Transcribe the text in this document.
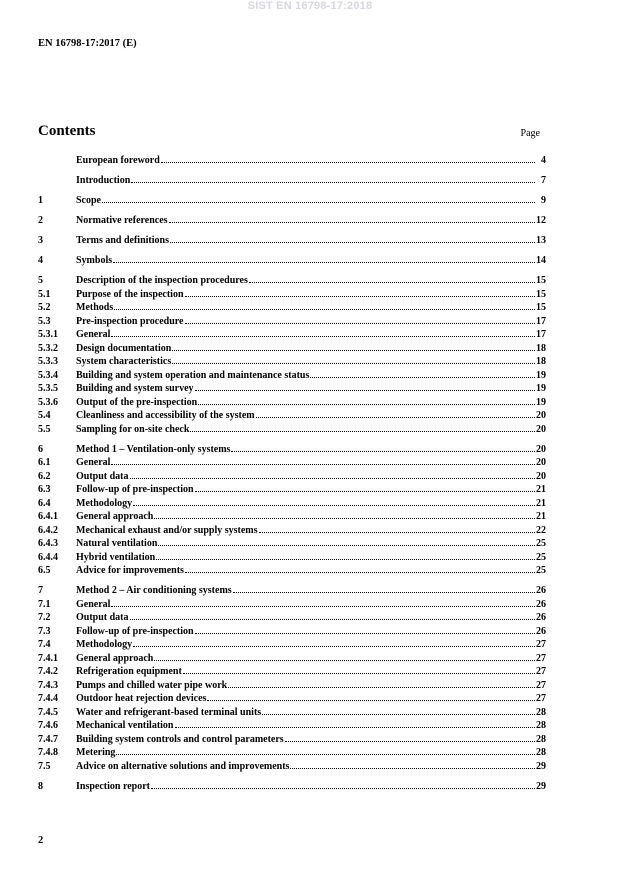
SIST EN 16798-17:2018
EN 16798-17:2017 (E)
Contents	Page
European foreword	4
Introduction	7
1	Scope	9
2	Normative references	12
3	Terms and definitions	13
4	Symbols	14
5	Description of the inspection procedures	15
5.1	Purpose of the inspection	15
5.2	Methods	15
5.3	Pre-inspection procedure	17
5.3.1	General	17
5.3.2	Design documentation	18
5.3.3	System characteristics	18
5.3.4	Building and system operation and maintenance status	19
5.3.5	Building and system survey	19
5.3.6	Output of the pre-inspection	19
5.4	Cleanliness and accessibility of the system	20
5.5	Sampling for on-site check	20
6	Method 1 – Ventilation-only systems	20
6.1	General	20
6.2	Output data	20
6.3	Follow-up of pre-inspection	21
6.4	Methodology	21
6.4.1	General approach	21
6.4.2	Mechanical exhaust and/or supply systems	22
6.4.3	Natural ventilation	25
6.4.4	Hybrid ventilation	25
6.5	Advice for improvements	25
7	Method 2 – Air conditioning systems	26
7.1	General	26
7.2	Output data	26
7.3	Follow-up of pre-inspection	26
7.4	Methodology	27
7.4.1	General approach	27
7.4.2	Refrigeration equipment	27
7.4.3	Pumps and chilled water pipe work	27
7.4.4	Outdoor heat rejection devices	27
7.4.5	Water and refrigerant-based terminal units	28
7.4.6	Mechanical ventilation	28
7.4.7	Building system controls and control parameters	28
7.4.8	Metering	28
7.5	Advice on alternative solutions and improvements	29
8	Inspection report	29
2
